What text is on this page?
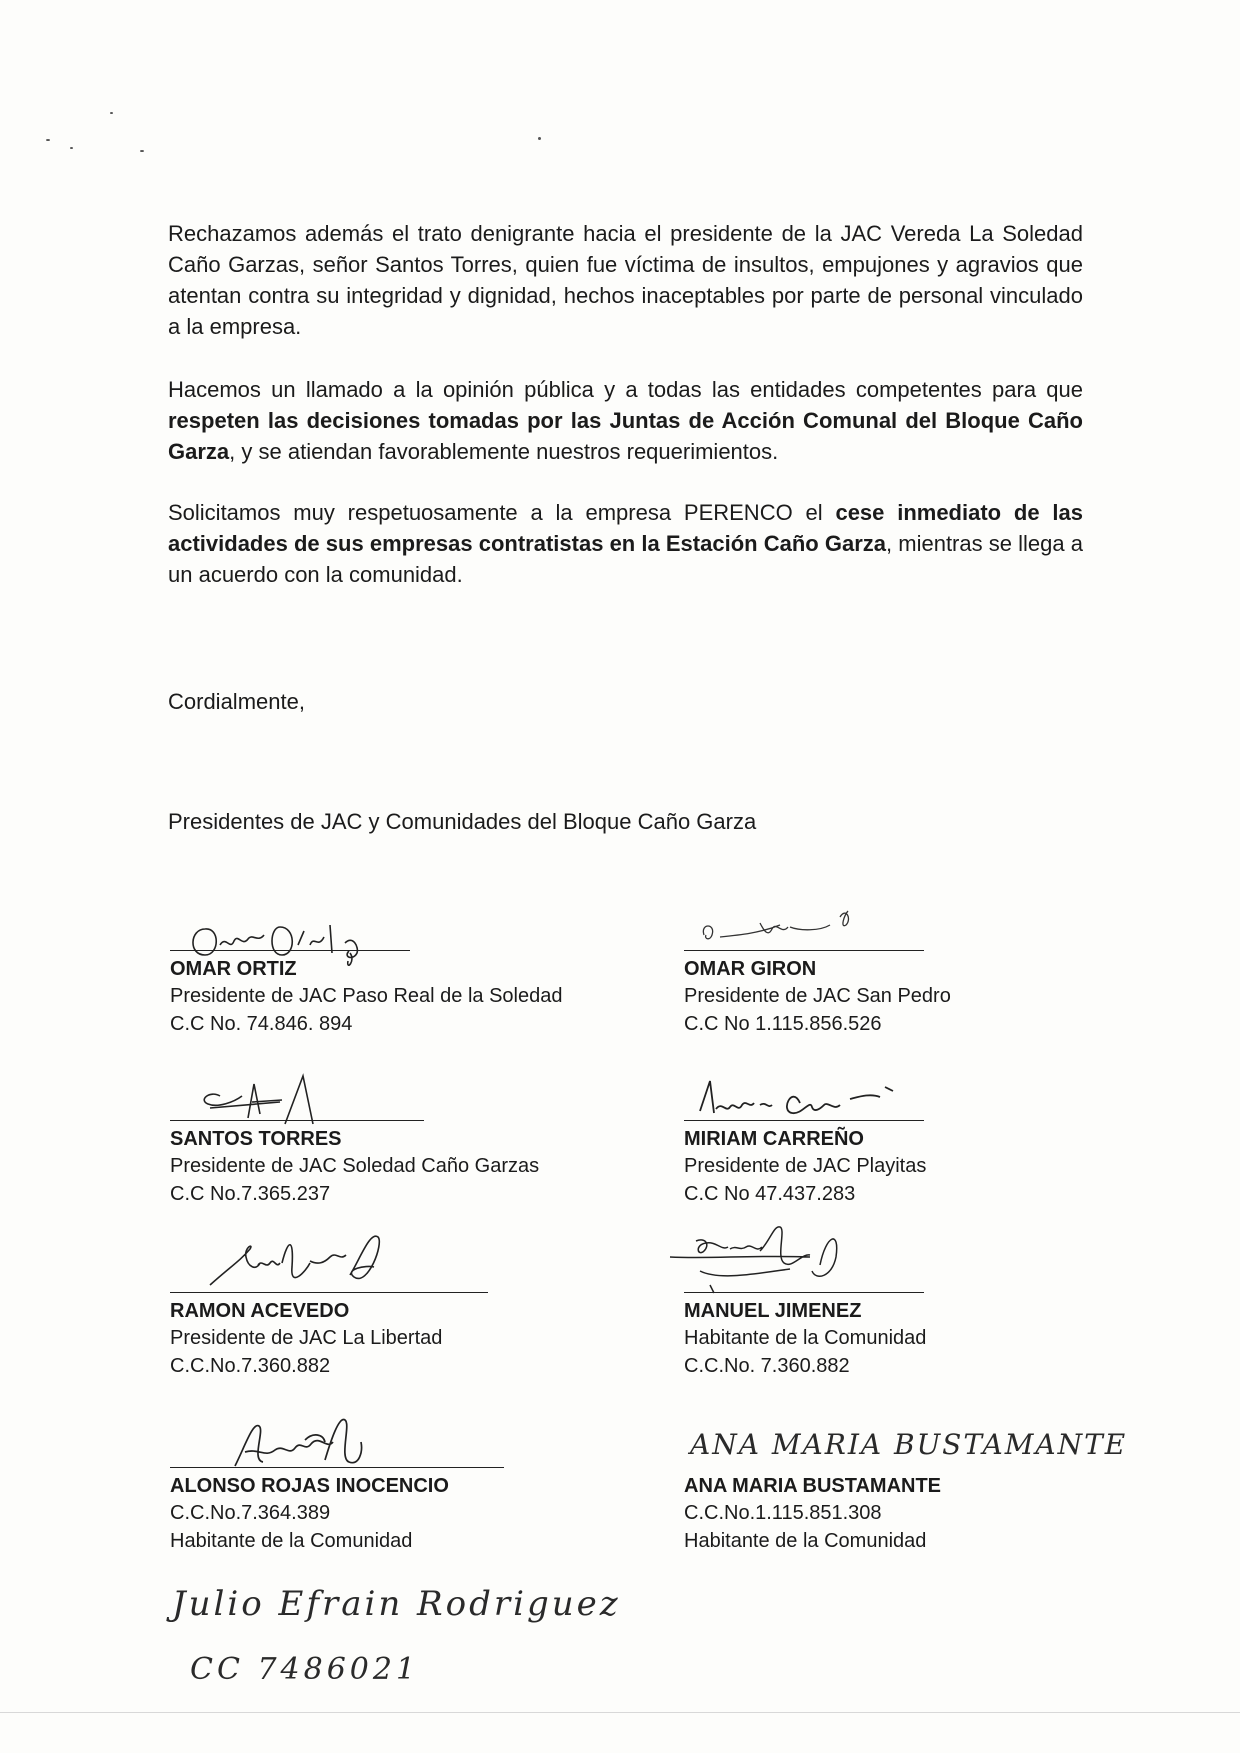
Rechazamos además el trato denigrante hacia el presidente de la JAC Vereda La Soledad Caño Garzas, señor Santos Torres, quien fue víctima de insultos, empujones y agravios que atentan contra su integridad y dignidad, hechos inaceptables por parte de personal vinculado a la empresa.

Hacemos un llamado a la opinión pública y a todas las entidades competentes para que respeten las decisiones tomadas por las Juntas de Acción Comunal del Bloque Caño Garza, y se atiendan favorablemente nuestros requerimientos.

Solicitamos muy respetuosamente a la empresa PERENCO el cese inmediato de las actividades de sus empresas contratistas en la Estación Caño Garza, mientras se llega a un acuerdo con la comunidad.

Cordialmente,

Presidentes de JAC y Comunidades del Bloque Caño Garza

OMAR ORTIZ
Presidente de JAC Paso Real de la Soledad
C.C No. 74.846. 894
OMAR GIRON
Presidente de JAC San Pedro
C.C No 1.115.856.526
SANTOS TORRES
Presidente de JAC Soledad Caño Garzas
C.C No.7.365.237
MIRIAM CARREÑO
Presidente de JAC Playitas
C.C No 47.437.283
RAMON ACEVEDO
Presidente de JAC La Libertad
C.C.No.7.360.882
MANUEL JIMENEZ
Habitante de la Comunidad
C.C.No. 7.360.882
ALONSO ROJAS INOCENCIO
C.C.No.7.364.389
Habitante de la Comunidad
ANA MARIA BUSTAMANTE
C.C.No.1.115.851.308
Habitante de la Comunidad
ANA MARIA BUSTAMANTE
Julio Efrain Rodriguez
CC 7486021
